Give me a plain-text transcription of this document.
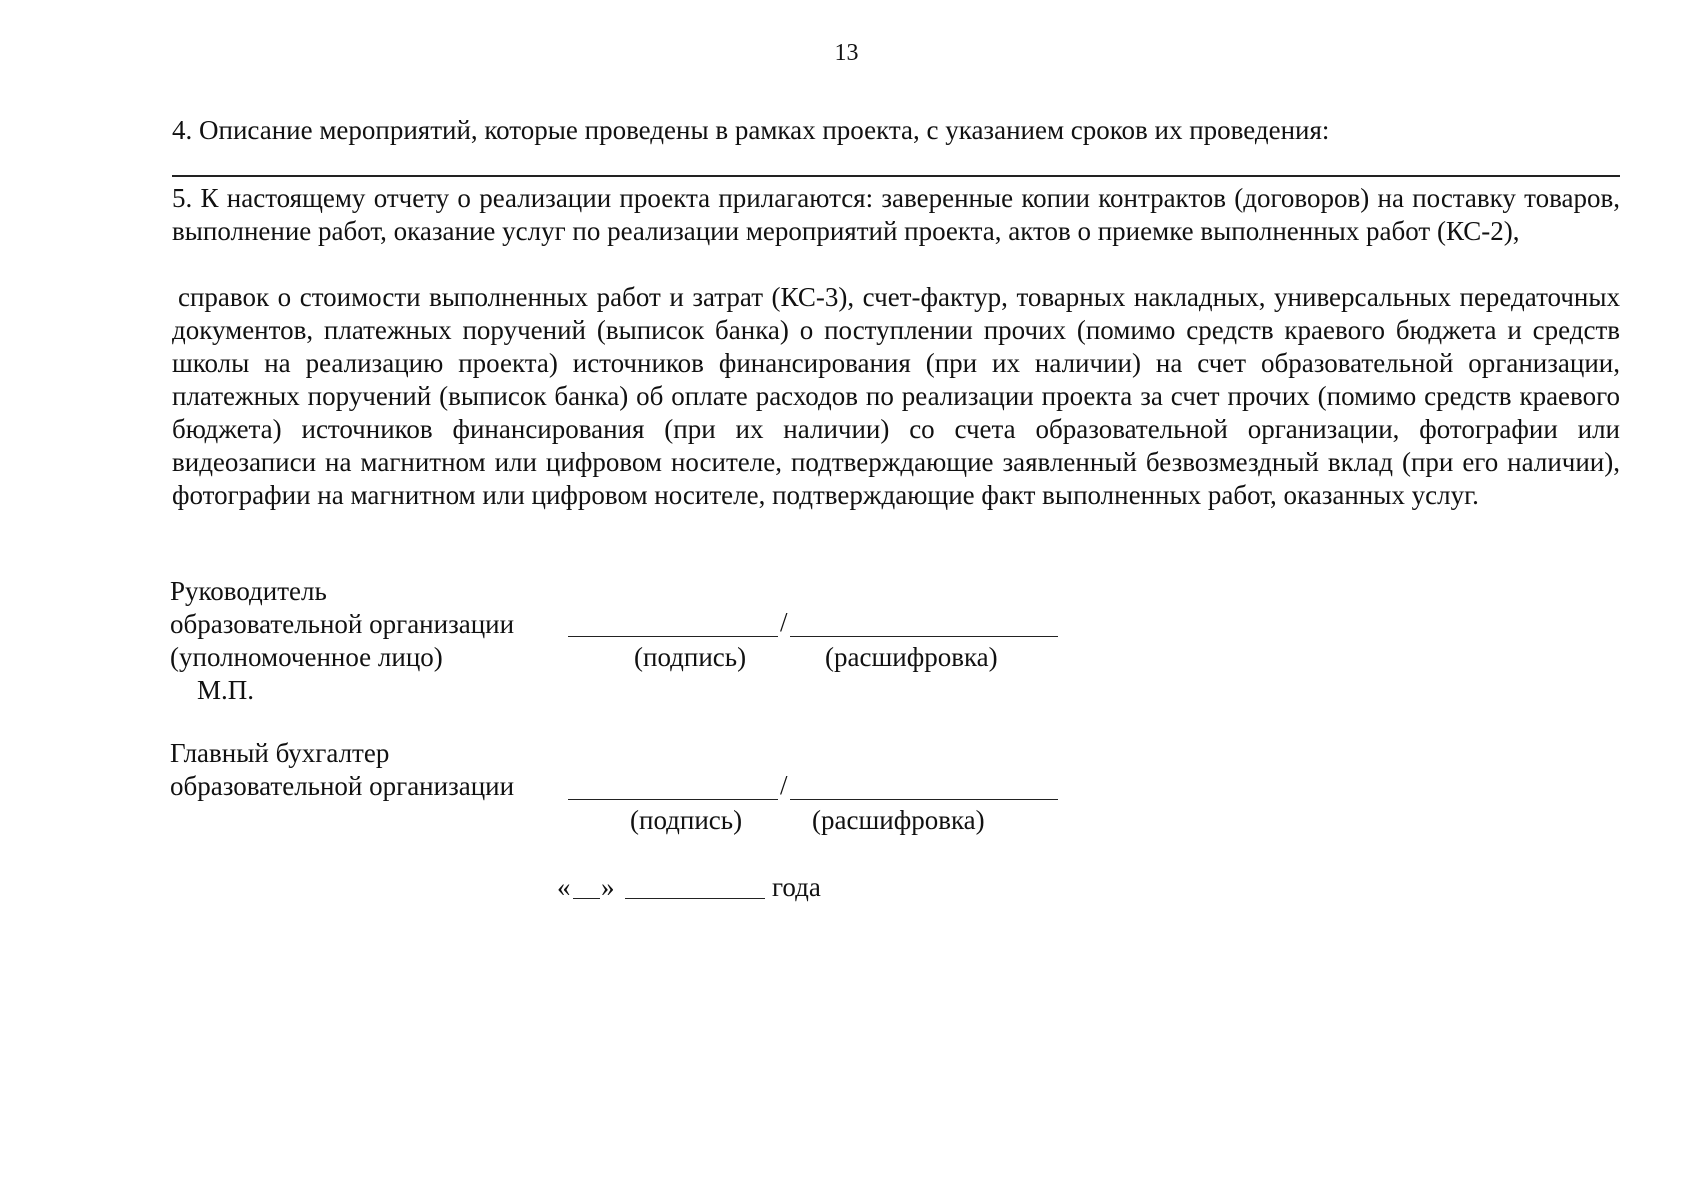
13
4. Описание мероприятий, которые проведены в рамках проекта, с указанием сроков их проведения:

5. К настоящему отчету о реализации проекта прилагаются: заверенные копии контрактов (договоров) на поставку товаров, выполнение работ, оказание услуг по реализации мероприятий проекта, актов о приемке выполненных работ (КС-2),

справок о стоимости выполненных работ и затрат (КС-3), счет-фактур, товарных накладных, универсальных передаточных документов, платежных поручений (выписок банка) о поступлении прочих (помимо средств краевого бюджета и средств школы на реализацию проекта) источников финансирования (при их наличии) на счет образовательной организации, платежных поручений (выписок банка) об оплате расходов по реализации проекта за счет прочих (помимо средств краевого бюджета) источников финансирования (при их наличии) со счета образовательной организации, фотографии или видеозаписи на магнитном или цифровом носителе, подтверждающие заявленный безвозмездный вклад (при его наличии), фотографии на магнитном или цифровом носителе, подтверждающие факт выполненных работ, оказанных услуг.

Руководитель
образовательной организации
(уполномоченное лицо)
М.П.
/
(подпись)	(расшифровка)
Главный бухгалтер
образовательной организации	/
(подпись)	(расшифровка)
« »	года
